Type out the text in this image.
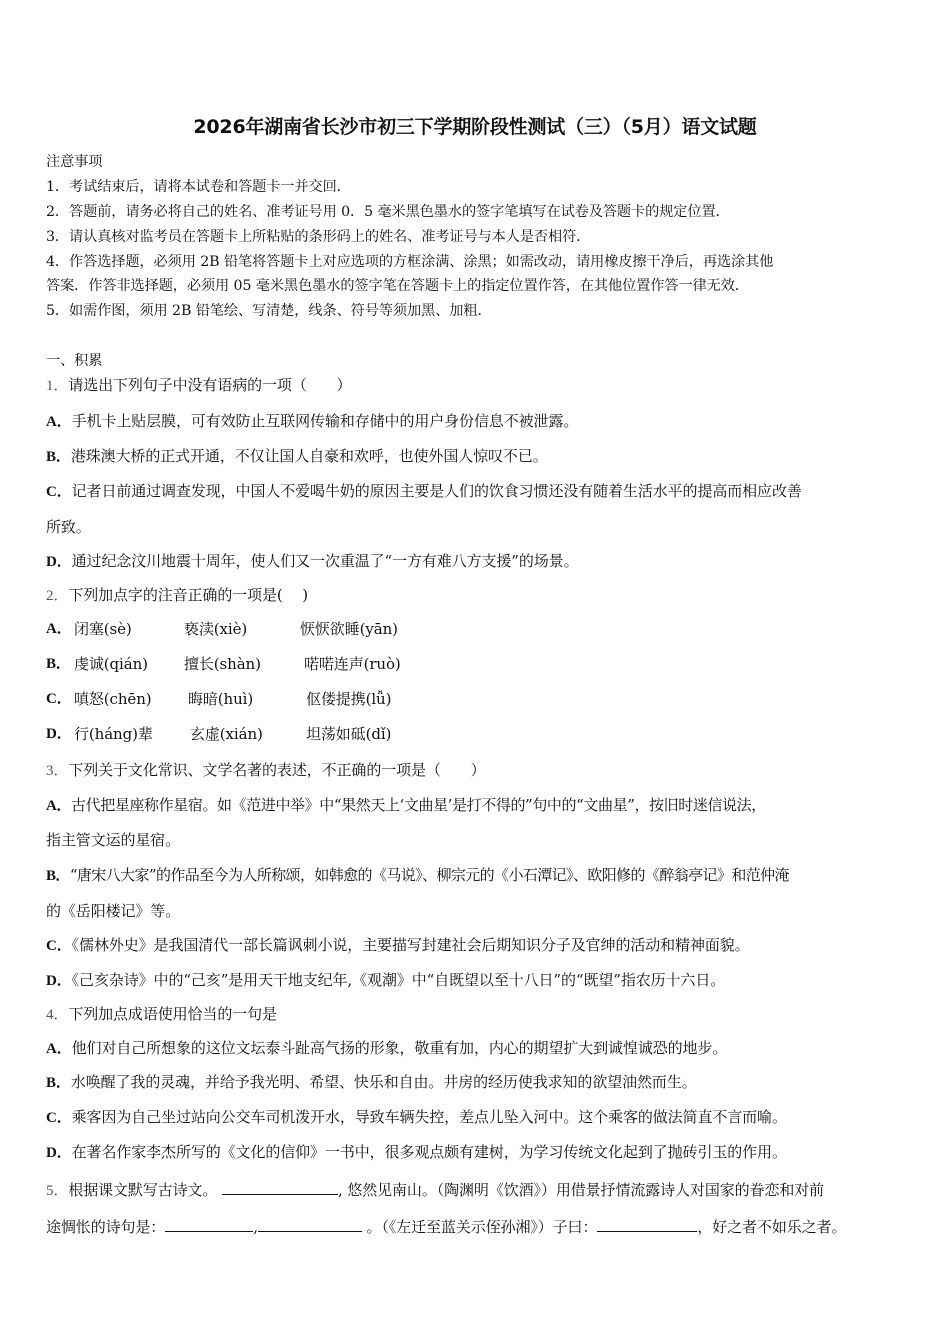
2026年湖南省长沙市初三下学期阶段性测试（三）（5月）语文试题
注意事项
1．考试结束后，请将本试卷和答题卡一并交回．
2．答题前，请务必将自己的姓名、准考证号用 0．5 毫米黑色墨水的签字笔填写在试卷及答题卡的规定位置．
3．请认真核对监考员在答题卡上所粘贴的条形码上的姓名、准考证号与本人是否相符．
4．作答选择题，必须用 2B 铅笔将答题卡上对应选项的方框涂满、涂黑；如需改动，请用橡皮擦干净后，再选涂其他
答案．作答非选择题，必须用 05 毫米黑色墨水的签字笔在答题卡上的指定位置作答，在其他位置作答一律无效．
5．如需作图，须用 2B 铅笔绘、写清楚，线条、符号等须加黑、加粗．
一、积累
1．请选出下列句子中没有语病的一项（　　）
A．手机卡上贴层膜，可有效防止互联网传输和存储中的用户身份信息不被泄露。
B．港珠澳大桥的正式开通，不仅让国人自豪和欢呼，也使外国人惊叹不已。
C．记者日前通过调查发现，中国人不爱喝牛奶的原因主要是人们的饮食习惯还没有随着生活水平的提高而相应改善
所致。
D．通过纪念汶川地震十周年，使人们又一次重温了“一方有难八方支援”的场景。
2．下列加点字的注音正确的一项是(　 )
A． 闭塞(sè)	亵渎(xiè)	恹恹欲睡(yān)
B． 虔诚(qián) 擅长(shàn)	喏喏连声(ruò)
C． 嗔怒(chēn) 晦暗(huì)	伛偻提携(lǚ)
D． 行(háng)辈 玄虚(xián)	坦荡如砥(dǐ)
3．下列关于文化常识、文学名著的表述，不正确的一项是（　　）
A．古代把星座称作星宿。如《范进中举》中“果然天上‘文曲星’是打不得的”句中的“文曲星”，按旧时迷信说法，
指主管文运的星宿。
B．“唐宋八大家”的作品至今为人所称颂，如韩愈的《马说》、柳宗元的《小石潭记》、欧阳修的《醉翁亭记》和范仲淹
的《岳阳楼记》等。
C．《儒林外史》是我国清代一部长篇讽刺小说，主要描写封建社会后期知识分子及官绅的活动和精神面貌。
D．《己亥杂诗》中的“己亥”是用天干地支纪年,《观潮》中“自既望以至十八日”的“既望”指农历十六日。
4．下列加点成语使用恰当的一句是
A．他们对自己所想象的这位文坛泰斗趾高气扬的形象，敬重有加，内心的期望扩大到诚惶诚恐的地步。
B．水唤醒了我的灵魂，并给予我光明、希望、快乐和自由。井房的经历使我求知的欲望油然而生。
C．乘客因为自己坐过站向公交车司机泼开水，导致车辆失控，差点儿坠入河中。这个乘客的做法简直不言而喻。
D．在著名作家李杰所写的《文化的信仰》一书中，很多观点颇有建树，为学习传统文化起到了抛砖引玉的作用。
5．根据课文默写古诗文。	, 悠然见南山。（陶渊明《饮酒》）用借景抒情流露诗人对国家的眷恋和对前
途惆怅的诗句是：	,	。（《左迁至蓝关示侄孙湘》）子曰：	，好之者不如乐之者。
